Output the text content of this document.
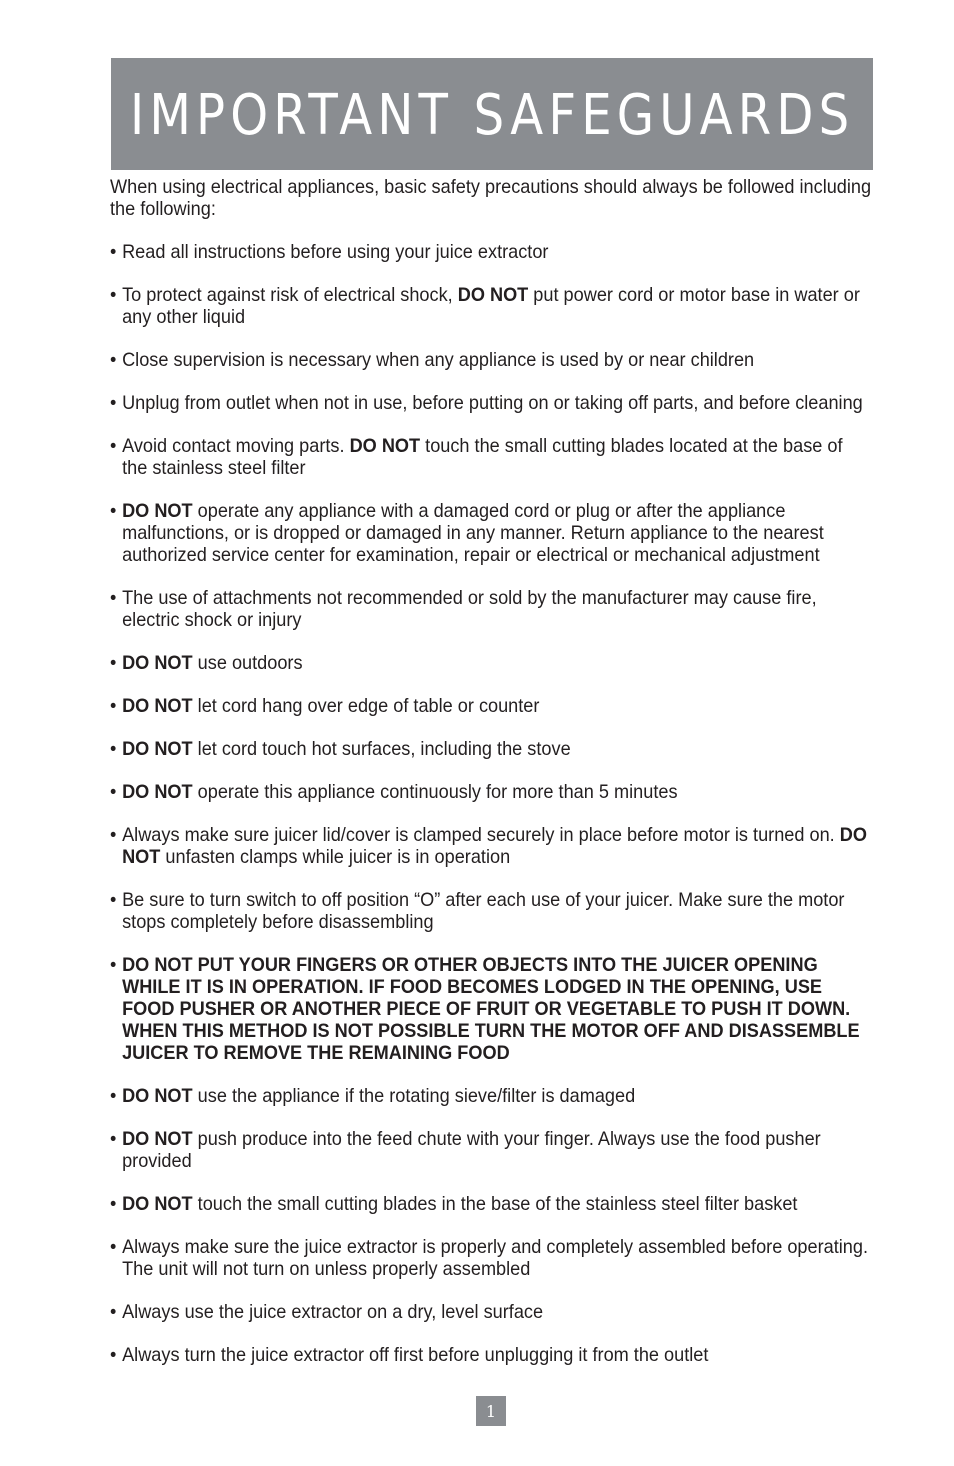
IMPORTANT SAFEGUARDS

When using electrical appliances, basic safety precautions should always be followed including the following:

• Read all instructions before using your juice extractor
• To protect against risk of electrical shock, DO NOT put power cord or motor base in water or any other liquid
• Close supervision is necessary when any appliance is used by or near children
• Unplug from outlet when not in use, before putting on or taking off parts, and before cleaning
• Avoid contact moving parts. DO NOT touch the small cutting blades located at the base of the stainless steel filter
• DO NOT operate any appliance with a damaged cord or plug or after the appliance malfunctions, or is dropped or damaged in any manner. Return appliance to the nearest authorized service center for examination, repair or electrical or mechanical adjustment
• The use of attachments not recommended or sold by the manufacturer may cause fire, electric shock or injury
• DO NOT use outdoors
• DO NOT let cord hang over edge of table or counter
• DO NOT let cord touch hot surfaces, including the stove
• DO NOT operate this appliance continuously for more than 5 minutes
• Always make sure juicer lid/cover is clamped securely in place before motor is turned on. DO NOT unfasten clamps while juicer is in operation
• Be sure to turn switch to off position “O” after each use of your juicer. Make sure the motor stops completely before disassembling
• DO NOT PUT YOUR FINGERS OR OTHER OBJECTS INTO THE JUICER OPENING WHILE IT IS IN OPERATION. IF FOOD BECOMES LODGED IN THE OPENING, USE FOOD PUSHER OR ANOTHER PIECE OF FRUIT OR VEGETABLE TO PUSH IT DOWN. WHEN THIS METHOD IS NOT POSSIBLE TURN THE MOTOR OFF AND DISASSEMBLE JUICER TO REMOVE THE REMAINING FOOD
• DO NOT use the appliance if the rotating sieve/filter is damaged
• DO NOT push produce into the feed chute with your finger. Always use the food pusher provided
• DO NOT touch the small cutting blades in the base of the stainless steel filter basket
• Always make sure the juice extractor is properly and completely assembled before operating. The unit will not turn on unless properly assembled
• Always use the juice extractor on a dry, level surface
• Always turn the juice extractor off first before unplugging it from the outlet
1
